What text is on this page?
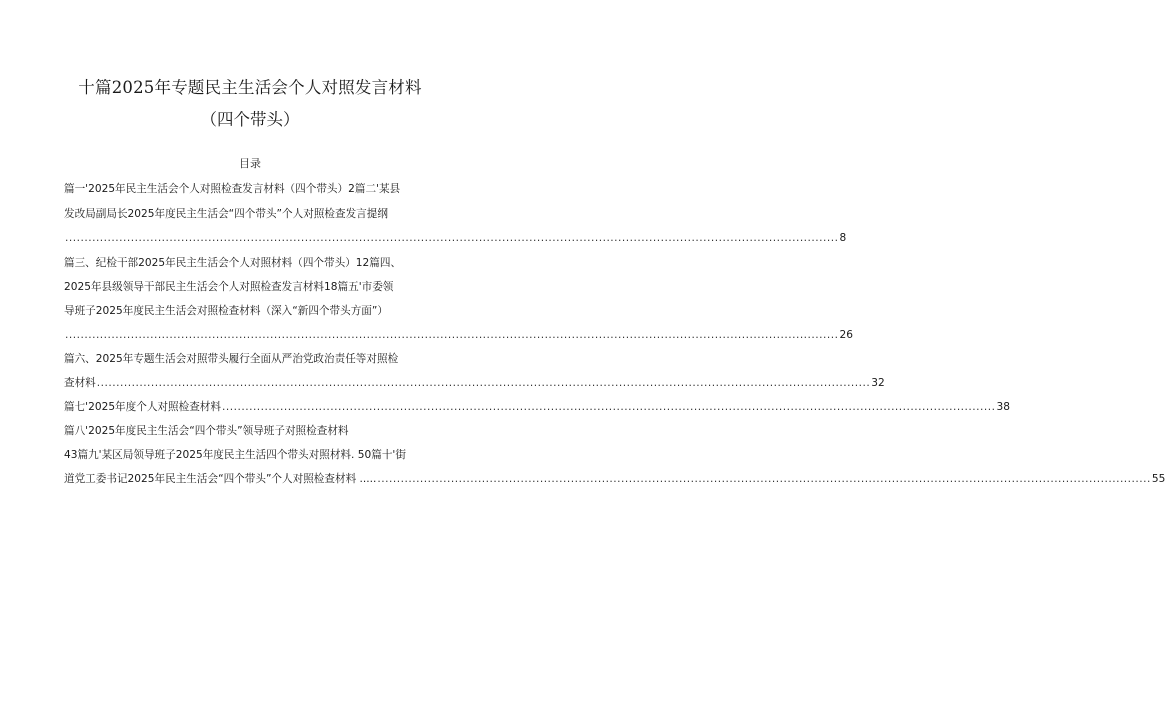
十篇2025年专题民主生活会个人对照发言材料
（四个带头）
目录
篇一'2025年民主生活会个人对照检查发言材料（四个带头）2篇二'某县
发改局副局长2025年度民主生活会“四个带头”个人对照检查发言提纲
........................................................................................................................................................................................................ 8
篇三、纪检干部2025年民主生活会个人对照材料（四个带头）12篇四、
2025年县级领导干部民主生活会个人对照检查发言材料18篇五'市委领
导班子2025年度民主生活会对照检查材料（深入“新四个带头方面”）
........................................................................................................................................................................................................ 26
篇六、2025年专题生活会对照带头履行全面从严治党政治责任等对照检
查材料 ........................................................................................................................................................................................................ 32
篇七'2025年度个人对照检查材料 ........................................................................................................................................................................................................ 38
篇八'2025年度民主生活会“四个带头”领导班子对照检查材料
43篇九'某区局领导班子2025年度民主生活四个带头对照材料. 50篇十'街
道党工委书记2025年民主生活会“四个带头”个人对照检查材料 ..... ........................................................................................................................................................................................................ 55
